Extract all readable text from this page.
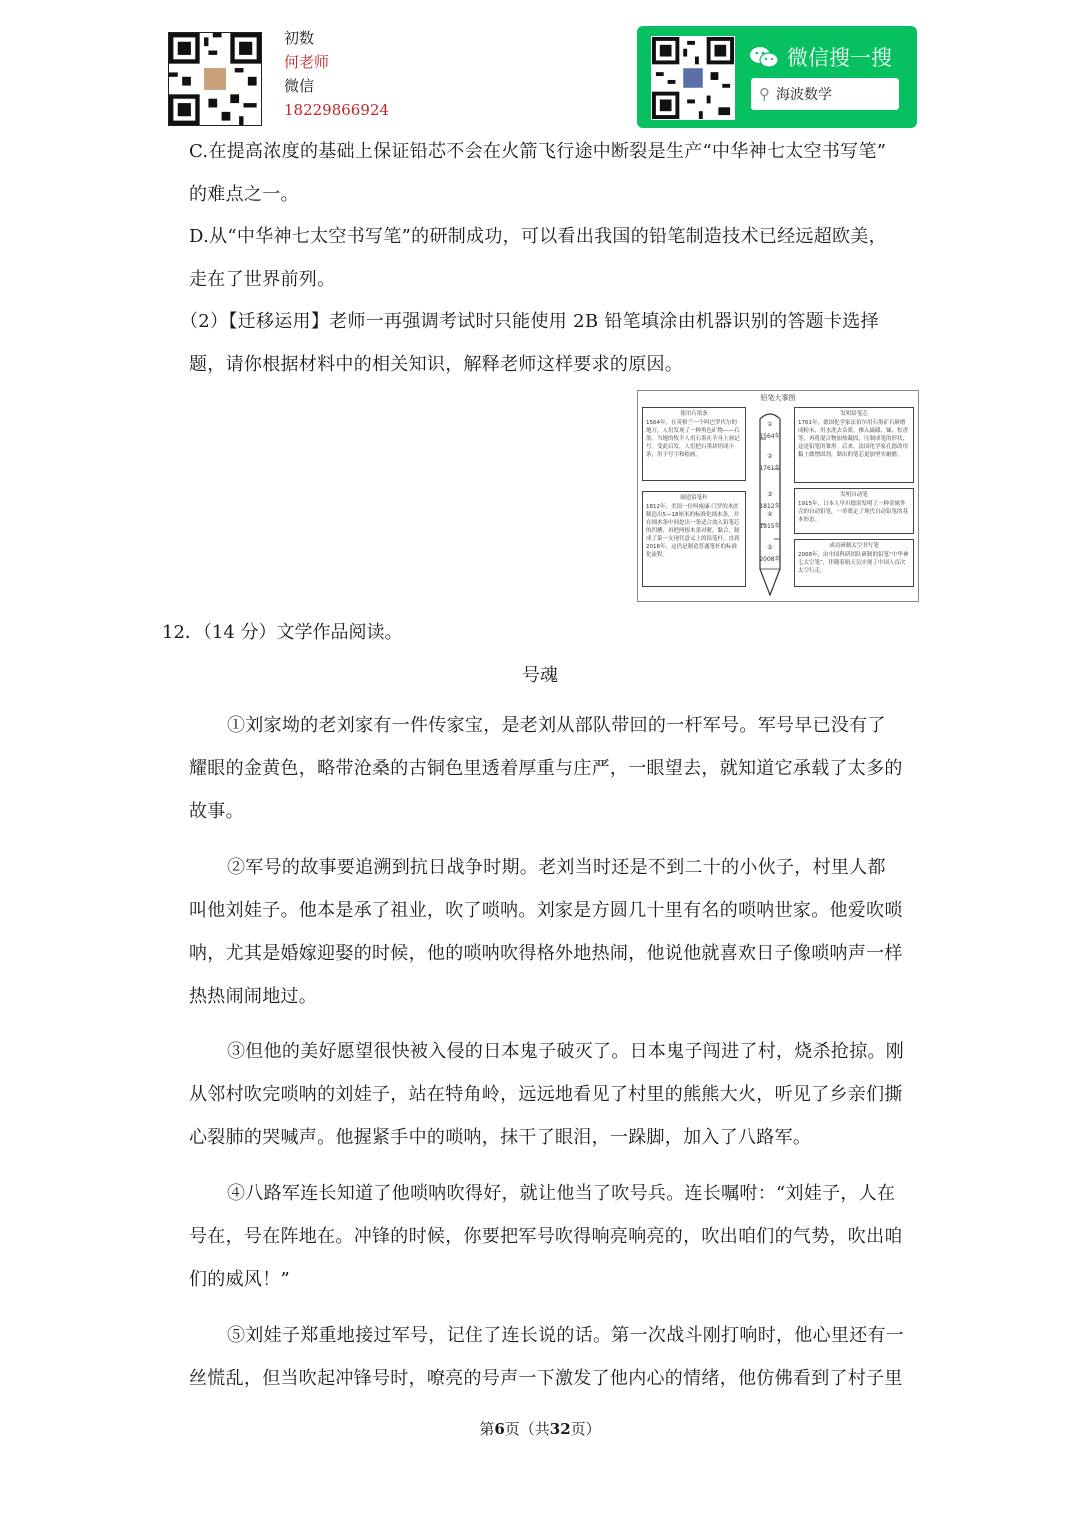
初数
何老师
微信
18229866924
微信搜一搜
⚲ 海波数学
C.在提高浓度的基础上保证铅芯不会在火箭飞行途中断裂是生产“中华神七太空书写笔”
的难点之一。
D.从“中华神七太空书写笔”的研制成功，可以看出我国的铅笔制造技术已经远超欧美，
走在了世界前列。
（2）【迁移运用】老师一再强调考试时只能使用 2B 铅笔填涂由机器识别的答题卡选择
题，请你根据材料中的相关知识，解释老师这样要求的原因。
铅笔大事图
使用石墨条
1564年，在英格兰一个叫巴罗代尔的地方，人们发现了一种黑色矿物——石墨。当地的牧羊人用石墨在羊身上画记号。受此启发，人们把石墨块切成小条，用于写字和绘画。
发明铅笔芯
1761年，德国化学家法伯尔用石墨矿石研磨成粉末，用水洗去杂质，掺入硫磺、锑、松香等，再将混合物加热凝固，压制成笔的形状，这是铅笔的雏形。后来，法国化学家孔德改用黏土做增固剂，制出的笔芯更加坚实耐磨。
制造铅笔杆
1812年，美国一位叫威廉·门罗的木匠制造出5—18厘米的标准化细木条，并在细木条中间挖出一条适合放入铅笔芯的凹槽，再把两根木条对紧，黏合，制成了第一支现代意义上的铅笔杆。直到2018年，这仍是制造普通笔杆的标准化流程。
发明自动笔
1915年，日本人早川德治发明了一种金属外壳的自动铅笔，一举奠定了现代自动铅笔的基本形态。
成功研制太空书写笔
2008年，由中国科研团队研制的铅笔“中华神七太空笔”，伴随着航天员实现了中国人首次太空行走。
①
1564年
②
1761年
③
1812年
④
1915年
⑤
2008年
12．（14 分）文学作品阅读。
号魂
①刘家坳的老刘家有一件传家宝，是老刘从部队带回的一杆军号。军号早已没有了
耀眼的金黄色，略带沧桑的古铜色里透着厚重与庄严，一眼望去，就知道它承载了太多的
故事。
②军号的故事要追溯到抗日战争时期。老刘当时还是不到二十的小伙子，村里人都
叫他刘娃子。他本是承了祖业，吹了唢呐。刘家是方圆几十里有名的唢呐世家。他爱吹唢
呐，尤其是婚嫁迎娶的时候，他的唢呐吹得格外地热闹，他说他就喜欢日子像唢呐声一样
热热闹闹地过。
③但他的美好愿望很快被入侵的日本鬼子破灭了。日本鬼子闯进了村，烧杀抢掠。刚
从邻村吹完唢呐的刘娃子，站在特角岭，远远地看见了村里的熊熊大火，听见了乡亲们撕
心裂肺的哭喊声。他握紧手中的唢呐，抹干了眼泪，一跺脚，加入了八路军。
④八路军连长知道了他唢呐吹得好，就让他当了吹号兵。连长嘱咐：“刘娃子，人在
号在，号在阵地在。冲锋的时候，你要把军号吹得响亮响亮的，吹出咱们的气势，吹出咱
们的威风！”
⑤刘娃子郑重地接过军号，记住了连长说的话。第一次战斗刚打响时，他心里还有一
丝慌乱，但当吹起冲锋号时，嘹亮的号声一下激发了他内心的情绪，他仿佛看到了村子里
第6页（共32页）
